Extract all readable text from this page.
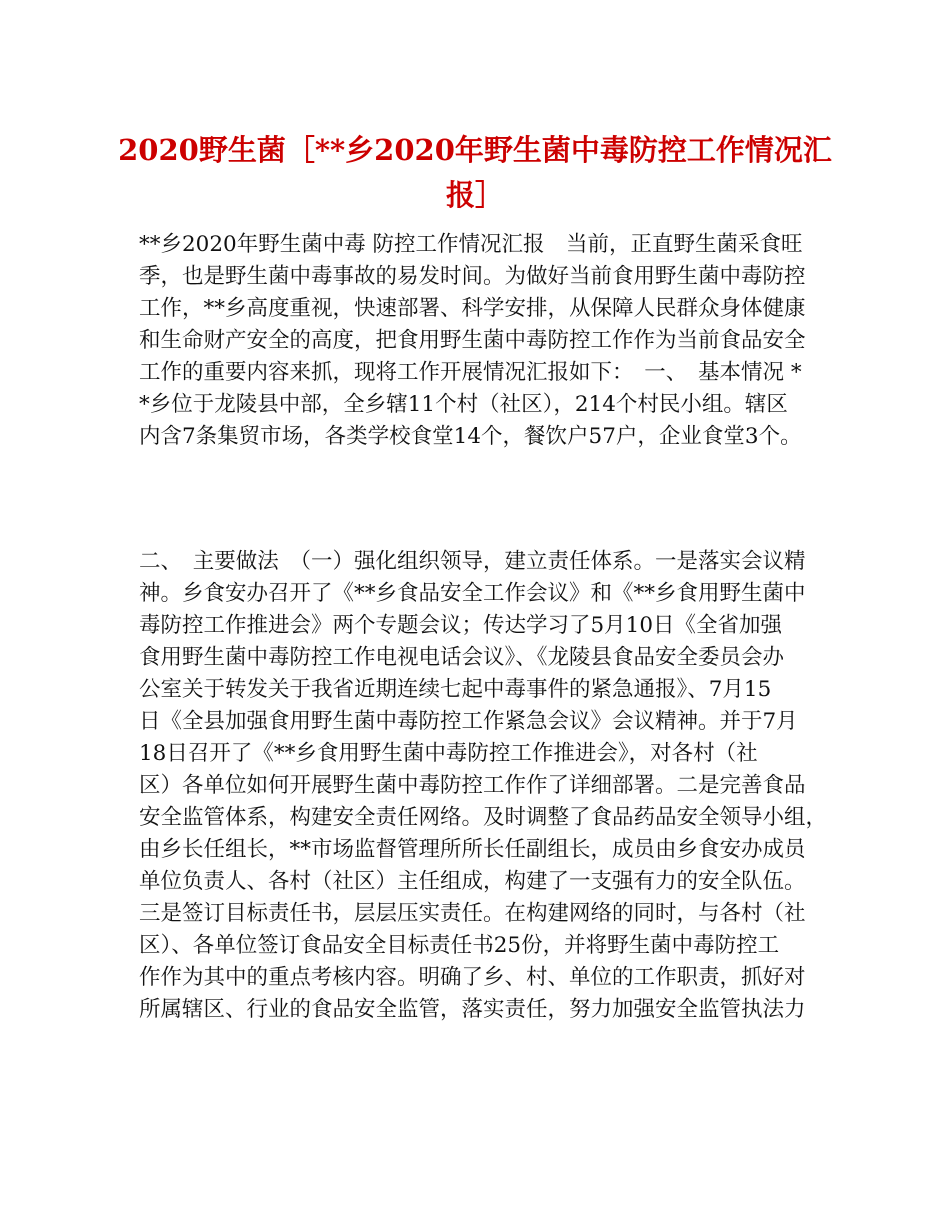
2020野生菌［**乡2020年野生菌中毒防控工作情况汇
报］
**乡2020年野生菌中毒 防控工作情况汇报　当前，正直野生菌采食旺
季，也是野生菌中毒事故的易发时间。为做好当前食用野生菌中毒防控
工作，**乡高度重视，快速部署、科学安排，从保障人民群众身体健康
和生命财产安全的高度，把食用野生菌中毒防控工作作为当前食品安全
工作的重要内容来抓，现将工作开展情况汇报如下：　一、　基本情况 *
*乡位于龙陵县中部，全乡辖11个村（社区），214个村民小组。辖区
内含7条集贸市场，各类学校食堂14个，餐饮户57户，企业食堂3个。
二、　主要做法　（一）强化组织领导，建立责任体系。一是落实会议精
神。乡食安办召开了《**乡食品安全工作会议》和《**乡食用野生菌中
毒防控工作推进会》两个专题会议；传达学习了5月10日《全省加强
食用野生菌中毒防控工作电视电话会议》、《龙陵县食品安全委员会办
公室关于转发关于我省近期连续七起中毒事件的紧急通报》、7月15
日《全县加强食用野生菌中毒防控工作紧急会议》会议精神。并于7月
18日召开了《**乡食用野生菌中毒防控工作推进会》，对各村（社
区）各单位如何开展野生菌中毒防控工作作了详细部署。二是完善食品
安全监管体系，构建安全责任网络。及时调整了食品药品安全领导小组，
由乡长任组长，**市场监督管理所所长任副组长，成员由乡食安办成员
单位负责人、各村（社区）主任组成，构建了一支强有力的安全队伍。
三是签订目标责任书，层层压实责任。在构建网络的同时，与各村（社
区）、各单位签订食品安全目标责任书25份，并将野生菌中毒防控工
作作为其中的重点考核内容。明确了乡、村、单位的工作职责，抓好对
所属辖区、行业的食品安全监管，落实责任，努力加强安全监管执法力
